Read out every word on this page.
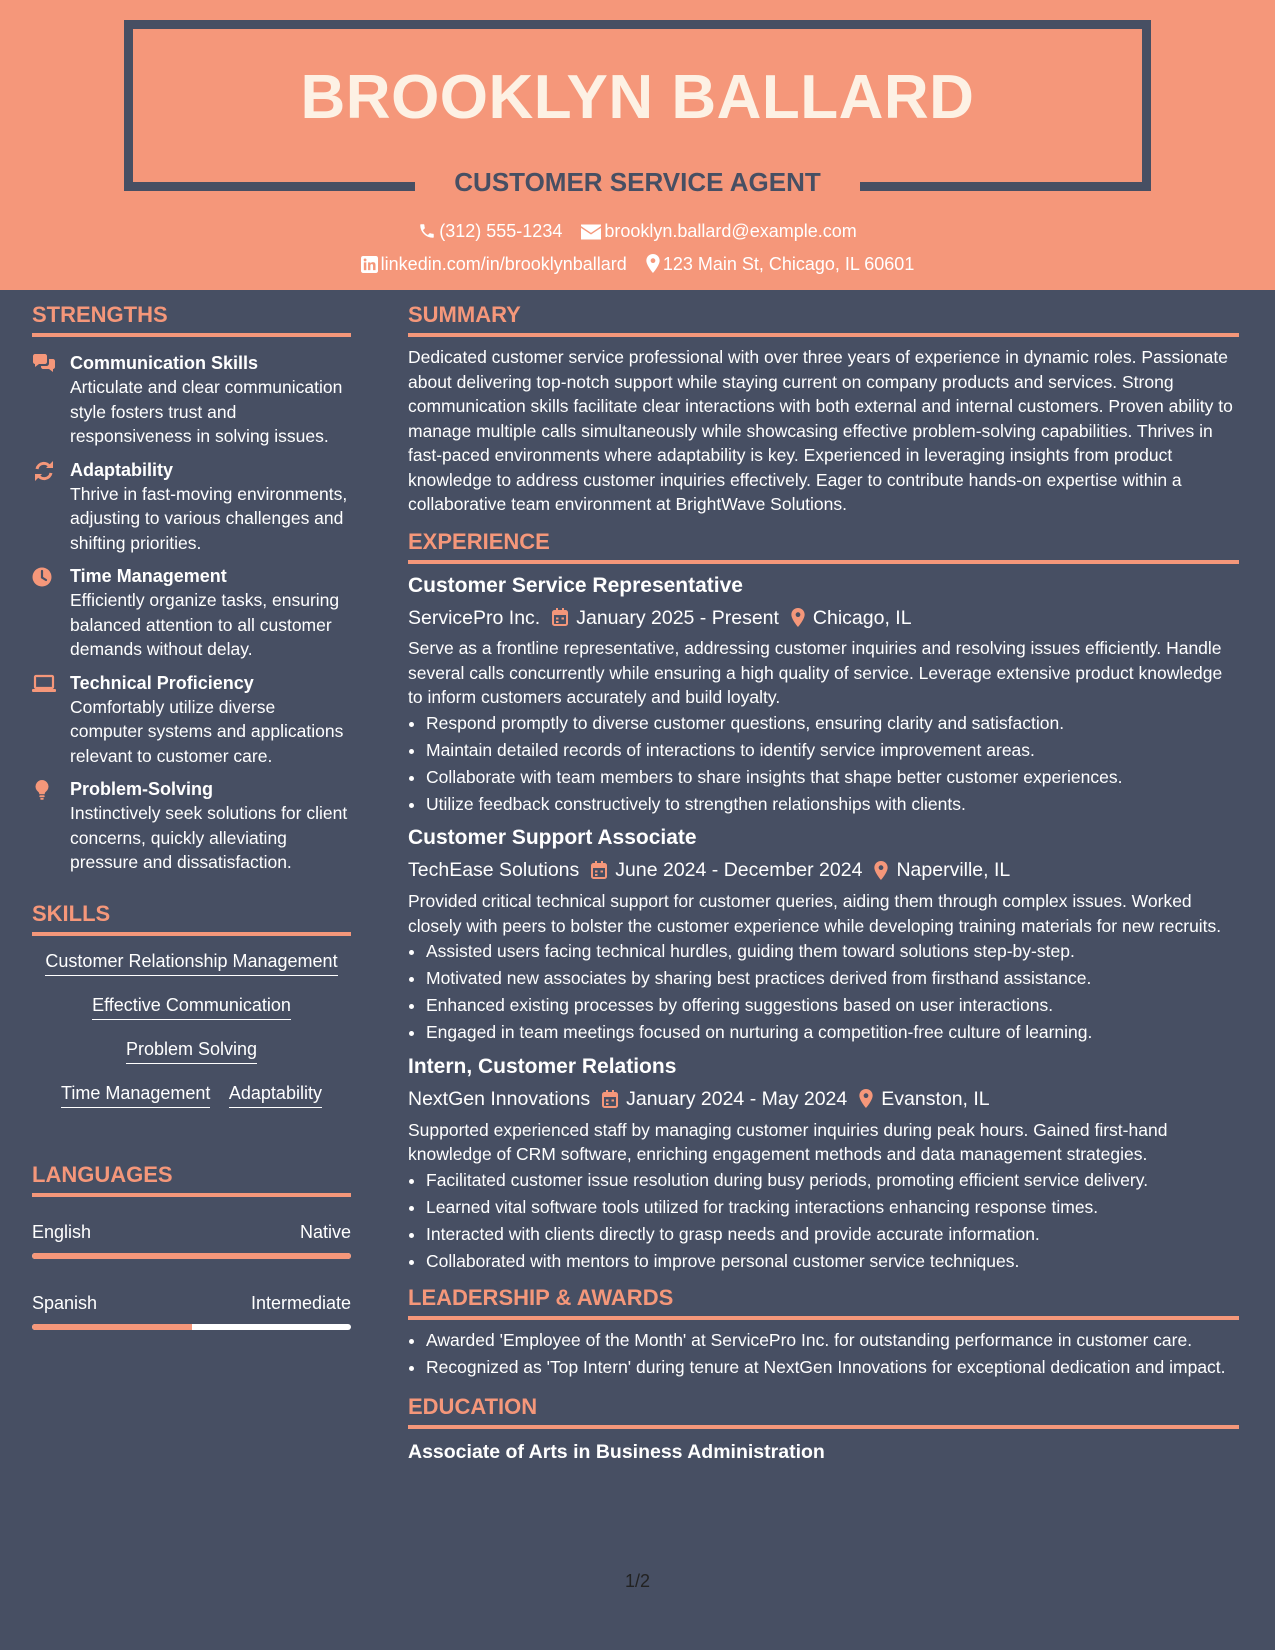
BROOKLYN BALLARD
CUSTOMER SERVICE AGENT
(312) 555-1234 brooklyn.ballard@example.com
linkedin.com/in/brooklynballard 123 Main St, Chicago, IL 60601
STRENGTHS
Communication Skills
Articulate and clear communication style fosters trust and responsiveness in solving issues.
Adaptability
Thrive in fast-moving environments, adjusting to various challenges and shifting priorities.
Time Management
Efficiently organize tasks, ensuring balanced attention to all customer demands without delay.
Technical Proficiency
Comfortably utilize diverse computer systems and applications relevant to customer care.
Problem-Solving
Instinctively seek solutions for client concerns, quickly alleviating pressure and dissatisfaction.
SKILLS
Customer Relationship Management
Effective Communication
Problem Solving
Time Management Adaptability
LANGUAGES
English	Native
Spanish	Intermediate
SUMMARY
Dedicated customer service professional with over three years of experience in dynamic roles. Passionate about delivering top-notch support while staying current on company products and services. Strong communication skills facilitate clear interactions with both external and internal customers. Proven ability to manage multiple calls simultaneously while showcasing effective problem-solving capabilities. Thrives in fast-paced environments where adaptability is key. Experienced in leveraging insights from product knowledge to address customer inquiries effectively. Eager to contribute hands-on expertise within a collaborative team environment at BrightWave Solutions.
EXPERIENCE
Customer Service Representative
ServicePro Inc. January 2025 - Present Chicago, IL
Serve as a frontline representative, addressing customer inquiries and resolving issues efficiently. Handle several calls concurrently while ensuring a high quality of service. Leverage extensive product knowledge to inform customers accurately and build loyalty.
• Respond promptly to diverse customer questions, ensuring clarity and satisfaction.
• Maintain detailed records of interactions to identify service improvement areas.
• Collaborate with team members to share insights that shape better customer experiences.
• Utilize feedback constructively to strengthen relationships with clients.
Customer Support Associate
TechEase Solutions June 2024 - December 2024 Naperville, IL
Provided critical technical support for customer queries, aiding them through complex issues. Worked closely with peers to bolster the customer experience while developing training materials for new recruits.
• Assisted users facing technical hurdles, guiding them toward solutions step-by-step.
• Motivated new associates by sharing best practices derived from firsthand assistance.
• Enhanced existing processes by offering suggestions based on user interactions.
• Engaged in team meetings focused on nurturing a competition-free culture of learning.
Intern, Customer Relations
NextGen Innovations January 2024 - May 2024 Evanston, IL
Supported experienced staff by managing customer inquiries during peak hours. Gained first-hand knowledge of CRM software, enriching engagement methods and data management strategies.
• Facilitated customer issue resolution during busy periods, promoting efficient service delivery.
• Learned vital software tools utilized for tracking interactions enhancing response times.
• Interacted with clients directly to grasp needs and provide accurate information.
• Collaborated with mentors to improve personal customer service techniques.
LEADERSHIP & AWARDS
• Awarded 'Employee of the Month' at ServicePro Inc. for outstanding performance in customer care.
• Recognized as 'Top Intern' during tenure at NextGen Innovations for exceptional dedication and impact.
EDUCATION
Associate of Arts in Business Administration
1/2
